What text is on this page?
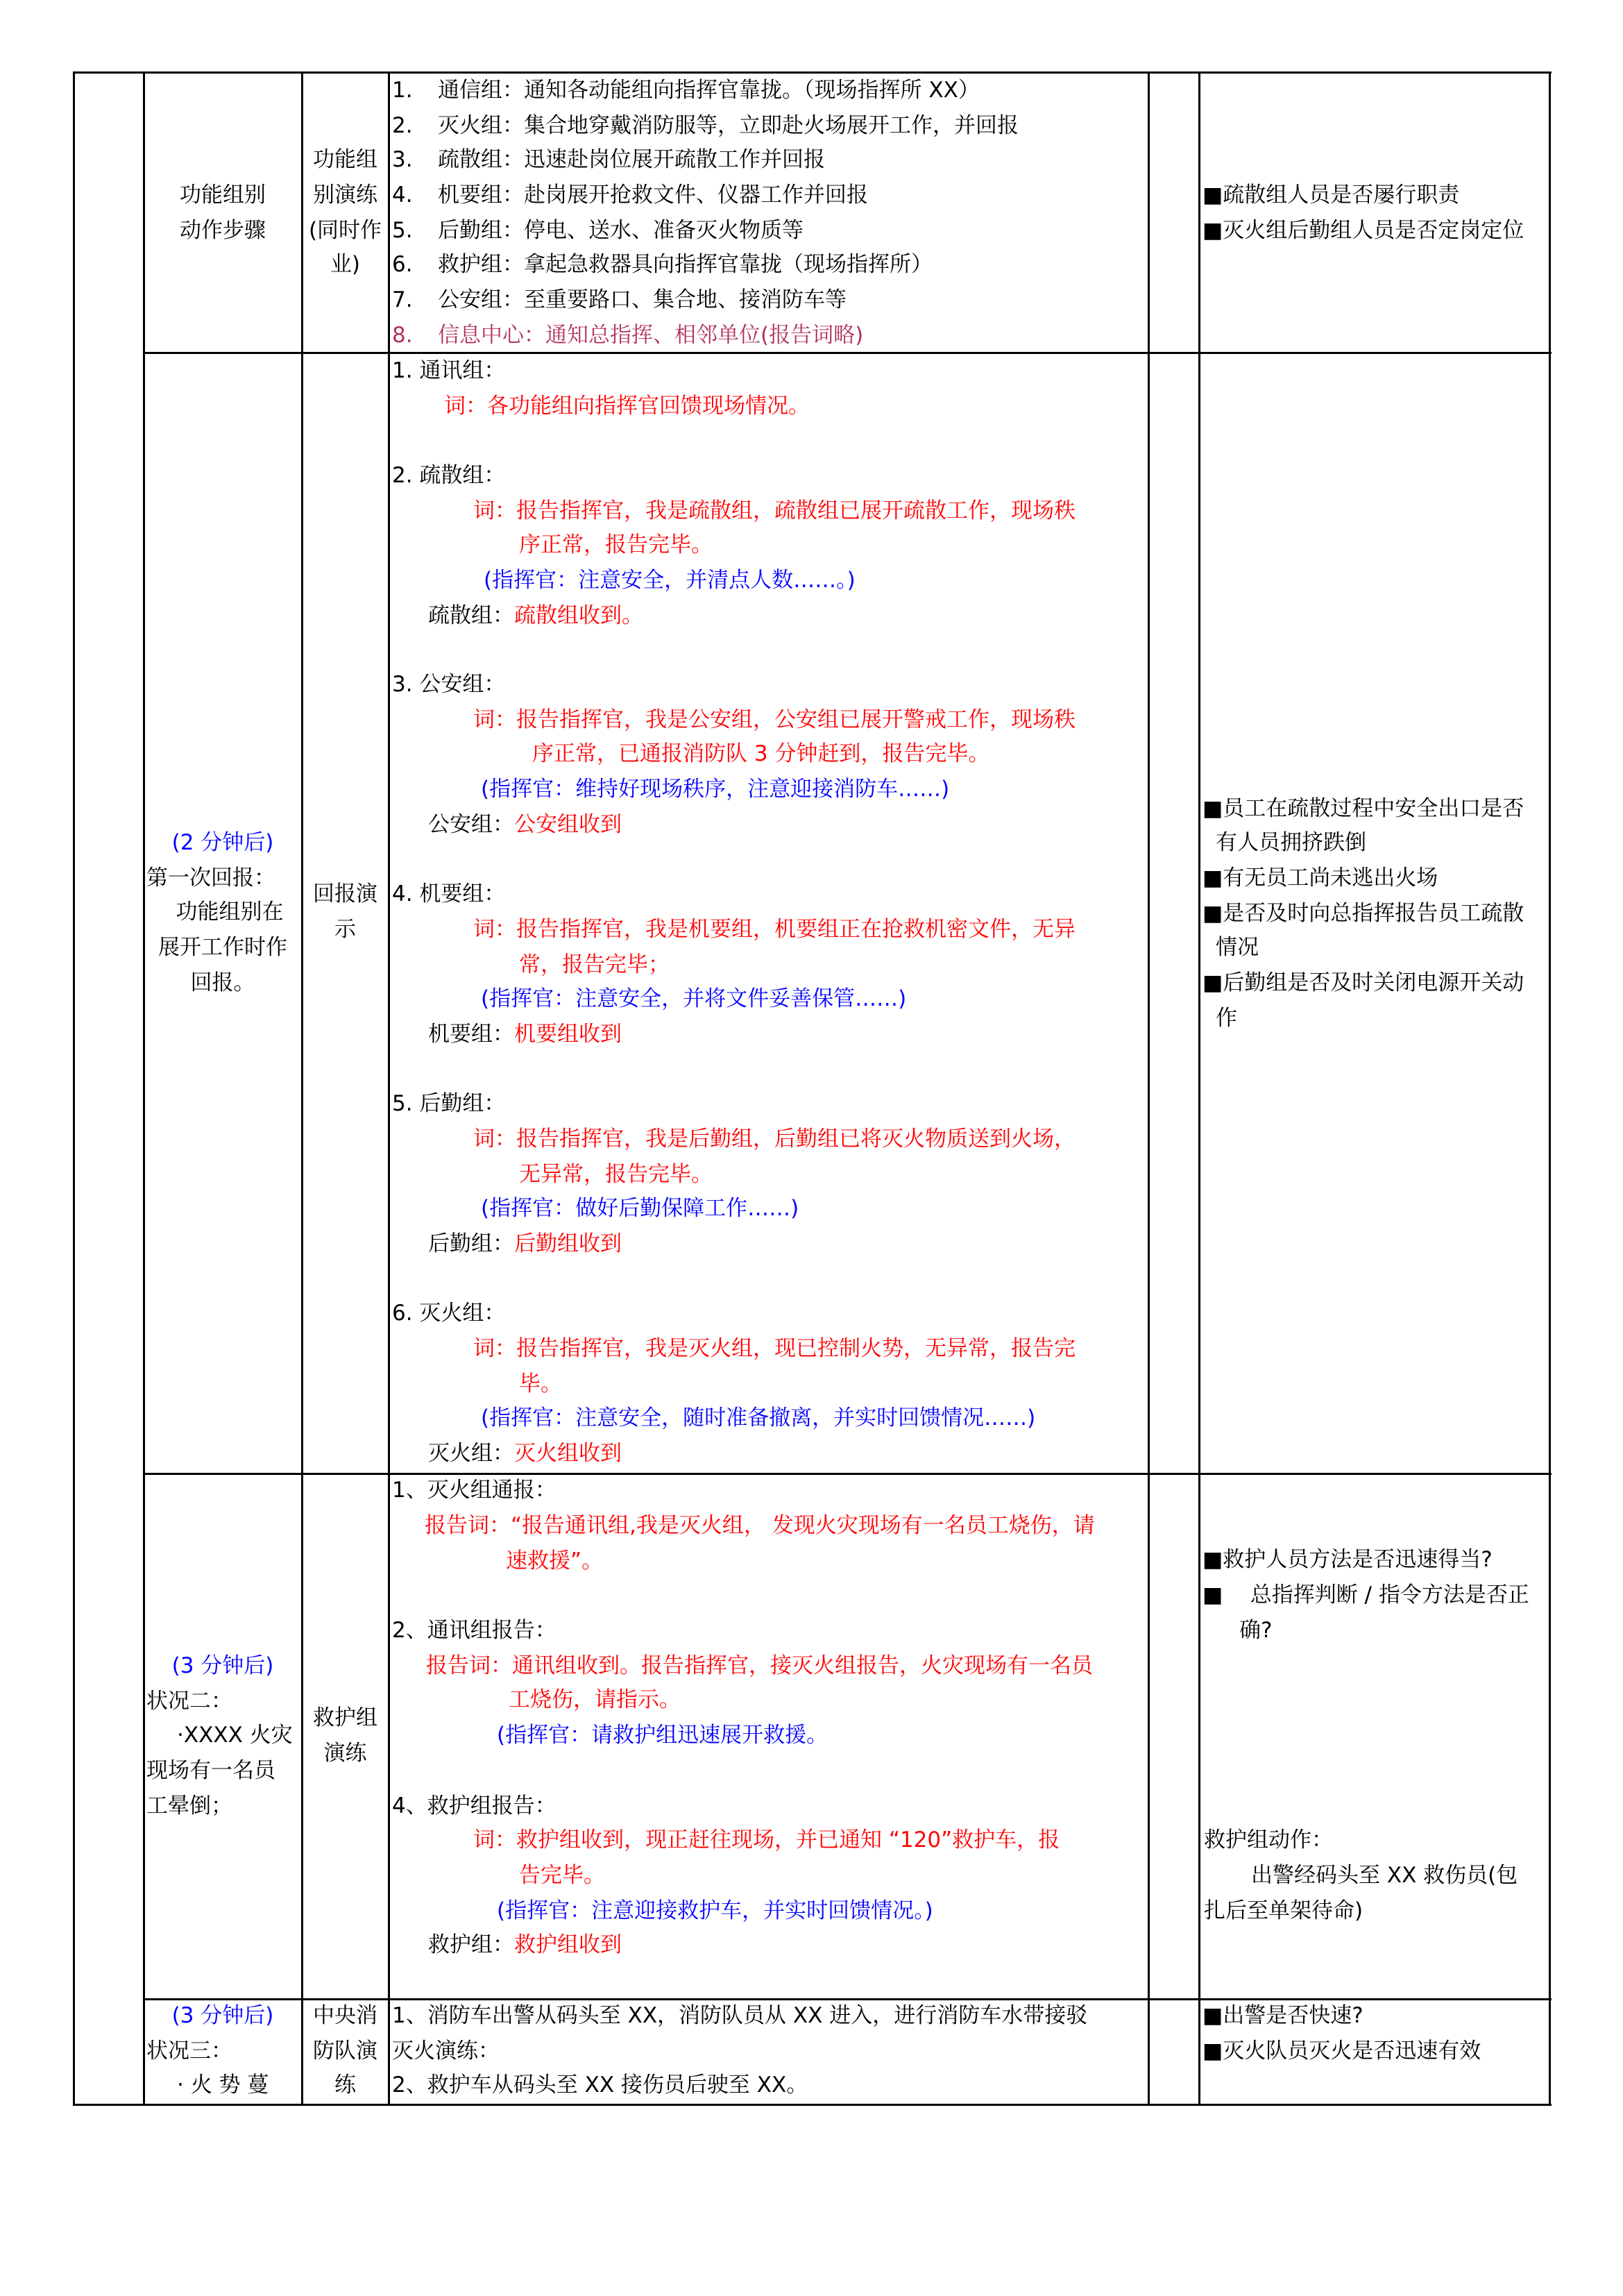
功能组别
动作步骤
功能组
别演练
(同时作
业)
1. 通信组：通知各动能组向指挥官靠拢。（现场指挥所 XX）
2. 灭火组：集合地穿戴消防服等，立即赴火场展开工作，并回报
3. 疏散组：迅速赴岗位展开疏散工作并回报
4. 机要组：赴岗展开抢救文件、仪器工作并回报
5. 后勤组：停电、送水、准备灭火物质等
6. 救护组：拿起急救器具向指挥官靠拢（现场指挥所）
7. 公安组：至重要路口、集合地、接消防车等
8. 信息中心：通知总指挥、相邻单位(报告词略)
■疏散组人员是否屡行职责
■灭火组后勤组人员是否定岗定位
(2 分钟后)
第一次回报：
功能组别在
展开工作时作
回报。
回报演
示
1. 通讯组：
词：各功能组向指挥官回馈现场情况。
2. 疏散组：
词：报告指挥官，我是疏散组，疏散组已展开疏散工作，现场秩
序正常，报告完毕。
(指挥官：注意安全，并清点人数……。)
疏散组：疏散组收到。
3. 公安组：
词：报告指挥官，我是公安组，公安组已展开警戒工作，现场秩
序正常，已通报消防队 3 分钟赶到，报告完毕。
(指挥官：维持好现场秩序，注意迎接消防车……)
公安组：公安组收到
4. 机要组：
词：报告指挥官，我是机要组，机要组正在抢救机密文件，无异
常，报告完毕；
(指挥官：注意安全，并将文件妥善保管……)
机要组：机要组收到
5. 后勤组：
词：报告指挥官，我是后勤组，后勤组已将灭火物质送到火场，
无异常，报告完毕。
(指挥官：做好后勤保障工作……)
后勤组：后勤组收到
6. 灭火组：
词：报告指挥官，我是灭火组，现已控制火势，无异常，报告完
毕。
(指挥官：注意安全，随时准备撤离，并实时回馈情况……)
灭火组：灭火组收到
■员工在疏散过程中安全出口是否
有人员拥挤跌倒
■有无员工尚未逃出火场
■是否及时向总指挥报告员工疏散
情况
■后勤组是否及时关闭电源开关动
作
(3 分钟后)
状况二：
·XXXX 火灾
现场有一名员
工晕倒；
救护组
演练
1、灭火组通报：
报告词：“报告通讯组,我是灭火组， 发现火灾现场有一名员工烧伤，请
速救援”。
2、通讯组报告：
报告词：通讯组收到。报告指挥官，接灭火组报告，火灾现场有一名员
工烧伤，请指示。
(指挥官：请救护组迅速展开救援。
4、救护组报告：
词：救护组收到，现正赶往现场，并已通知 “120”救护车，报
告完毕。
(指挥官：注意迎接救护车，并实时回馈情况。)
救护组：救护组收到
■救护人员方法是否迅速得当?
■    总指挥判断 / 指令方法是否正
确?
救护组动作：
出警经码头至 XX 救伤员(包
扎后至单架待命)
(3 分钟后)
状况三：
· 火 势 蔓
中央消
防队演
练
1、消防车出警从码头至 XX，消防队员从 XX 进入，进行消防车水带接驳
灭火演练：
2、救护车从码头至 XX 接伤员后驶至 XX。
■出警是否快速?
■灭火队员灭火是否迅速有效
